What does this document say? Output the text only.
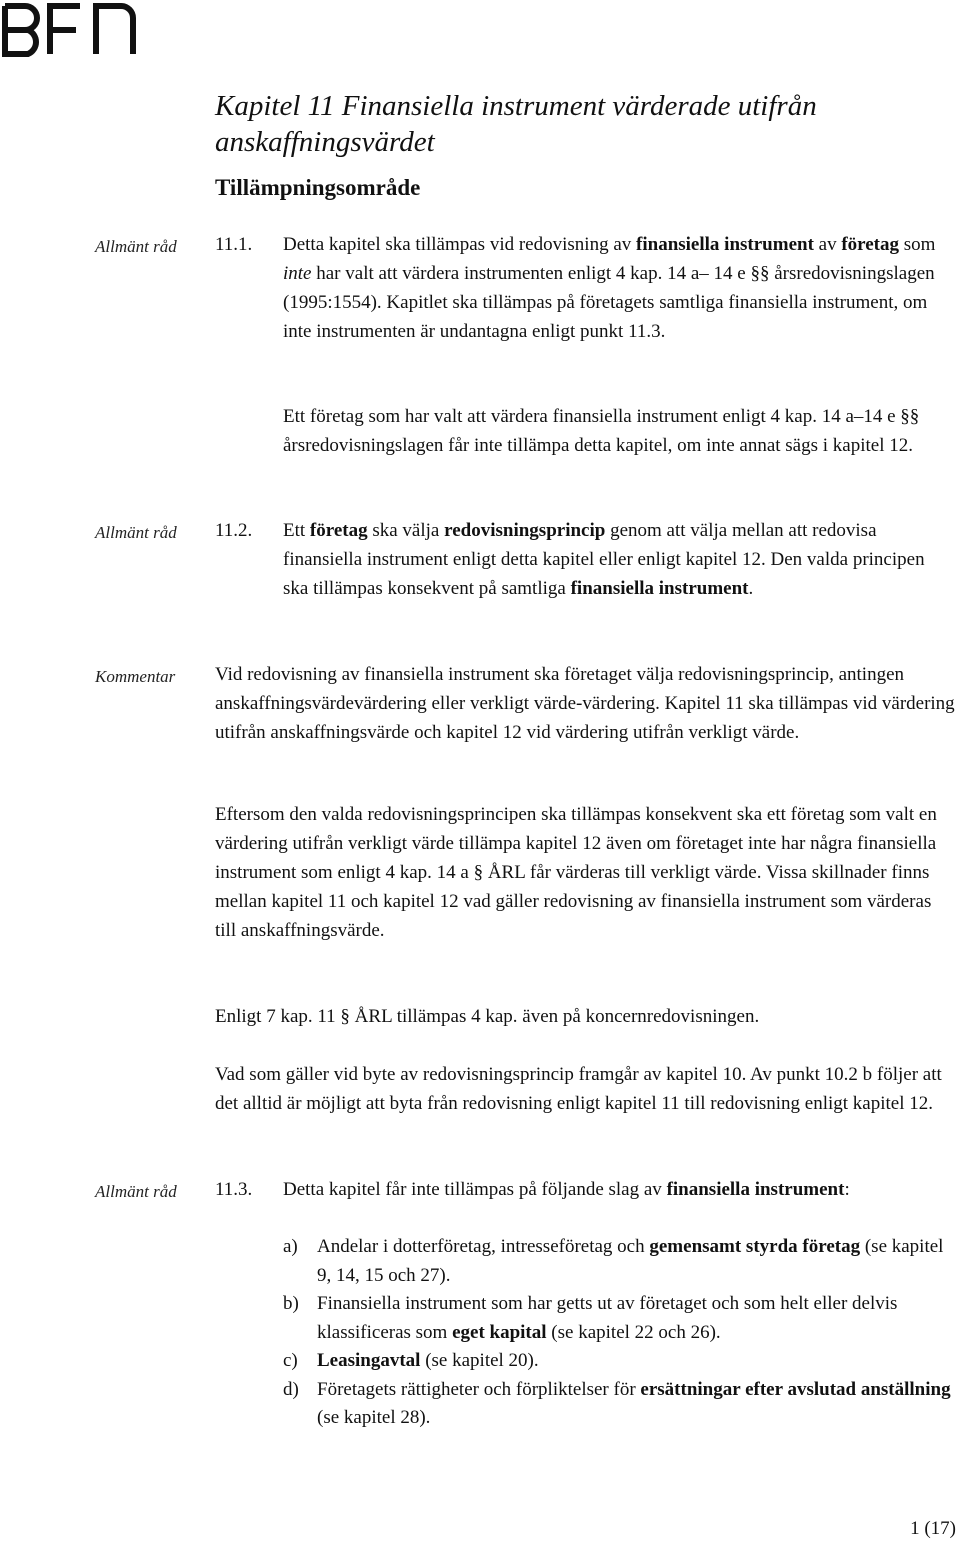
Kapitel 11 Finansiella instrument värderade utifrån anskaffningsvärdet
Tillämpningsområde
Allmänt råd 11.1. Detta kapitel ska tillämpas vid redovisning av finansiella instrument av företag som inte har valt att värdera instrumenten enligt 4 kap. 14 a– 14 e §§ årsredovisningslagen (1995:1554). Kapitlet ska tillämpas på företagets samtliga finansiella instrument, om inte instrumenten är undantagna enligt punkt 11.3.

Ett företag som har valt att värdera finansiella instrument enligt 4 kap. 14 a–14 e §§ årsredovisningslagen får inte tillämpa detta kapitel, om inte annat sägs i kapitel 12.

Allmänt råd 11.2. Ett företag ska välja redovisningsprincip genom att välja mellan att redovisa finansiella instrument enligt detta kapitel eller enligt kapitel 12. Den valda principen ska tillämpas konsekvent på samtliga finansiella instrument.

Kommentar Vid redovisning av finansiella instrument ska företaget välja redovisningsprincip, antingen anskaffningsvärdevärdering eller verkligt värde-värdering. Kapitel 11 ska tillämpas vid värdering utifrån anskaffningsvärde och kapitel 12 vid värdering utifrån verkligt värde.

Eftersom den valda redovisningsprincipen ska tillämpas konsekvent ska ett företag som valt en värdering utifrån verkligt värde tillämpa kapitel 12 även om företaget inte har några finansiella instrument som enligt 4 kap. 14 a § ÅRL får värderas till verkligt värde. Vissa skillnader finns mellan kapitel 11 och kapitel 12 vad gäller redovisning av finansiella instrument som värderas till anskaffningsvärde.

Enligt 7 kap. 11 § ÅRL tillämpas 4 kap. även på koncernredovisningen.

Vad som gäller vid byte av redovisningsprincip framgår av kapitel 10. Av punkt 10.2 b följer att det alltid är möjligt att byta från redovisning enligt kapitel 11 till redovisning enligt kapitel 12.

Allmänt råd 11.3. Detta kapitel får inte tillämpas på följande slag av finansiella instrument:

a) Andelar i dotterföretag, intresseföretag och gemensamt styrda företag (se kapitel 9, 14, 15 och 27).
b) Finansiella instrument som har getts ut av företaget och som helt eller delvis klassificeras som eget kapital (se kapitel 22 och 26).
c) Leasingavtal (se kapitel 20).
d) Företagets rättigheter och förpliktelser för ersättningar efter avslutad anställning (se kapitel 28).
1 (17)
